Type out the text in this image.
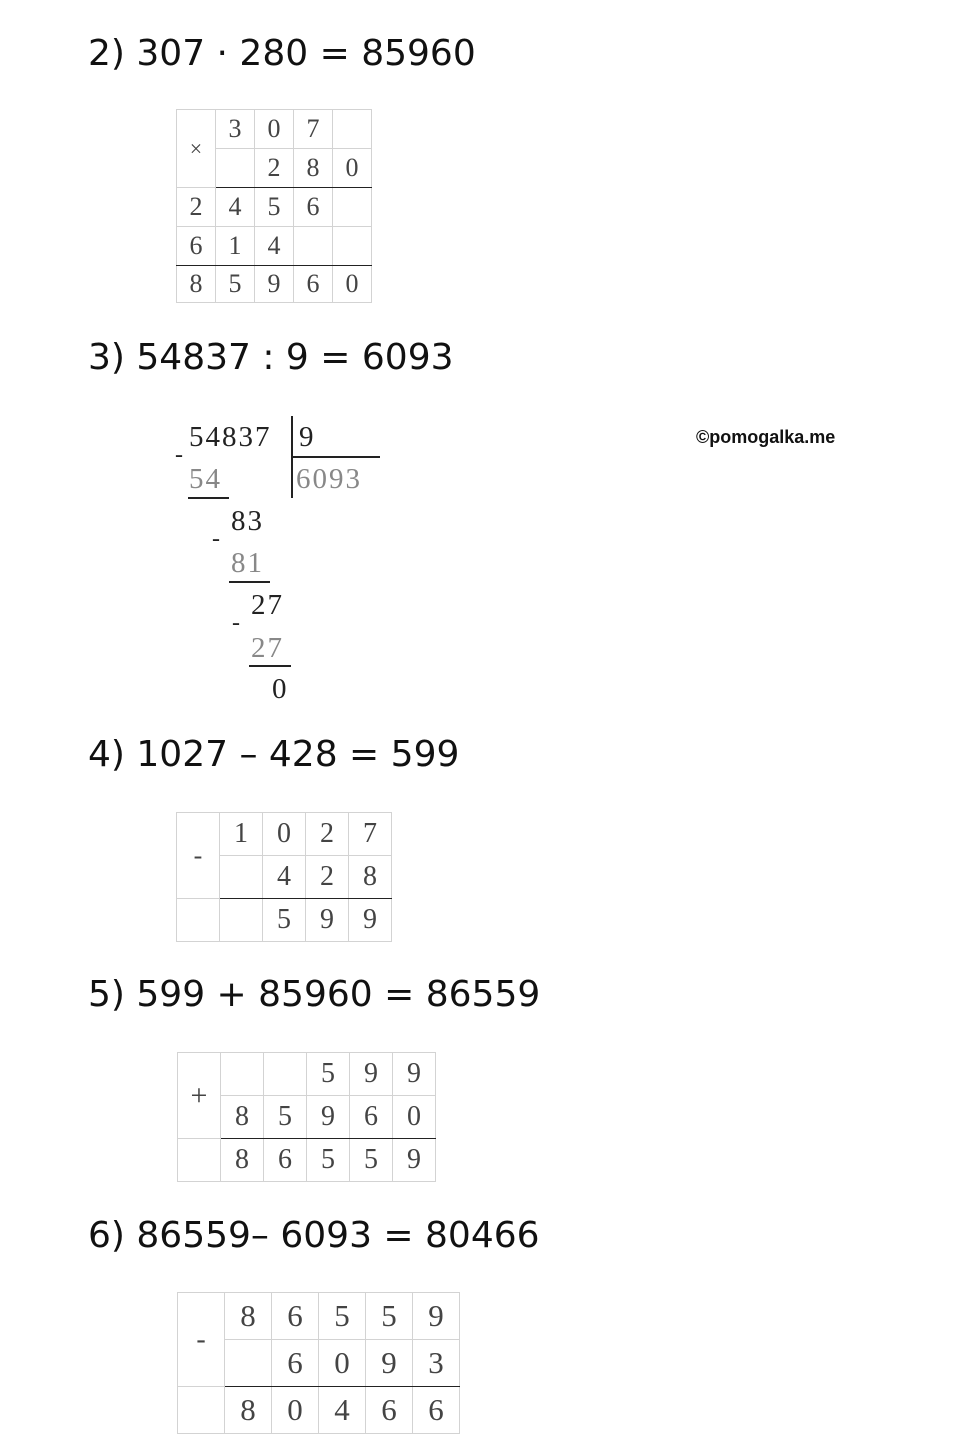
2) 307 · 280 = 85960
3) 54837 : 9 = 6093
4) 1027 – 428 = 599
5) 599 + 85960 = 86559
6) 86559– 6093 = 80466
©pomogalka.me
×	3	0	7	
		2	8	0
2	4	5	6	
6	1	4		
8	5	9	6	0
54837 9
6093
-
54
83
-
81
27
-
27
0
-	1	0	2	7
		4	2	8
		5	9	9
+			5	9	9
	8	5	9	6	0
	8	6	5	5	9
-	8	6	5	5	9
		6	0	9	3
	8	0	4	6	6
